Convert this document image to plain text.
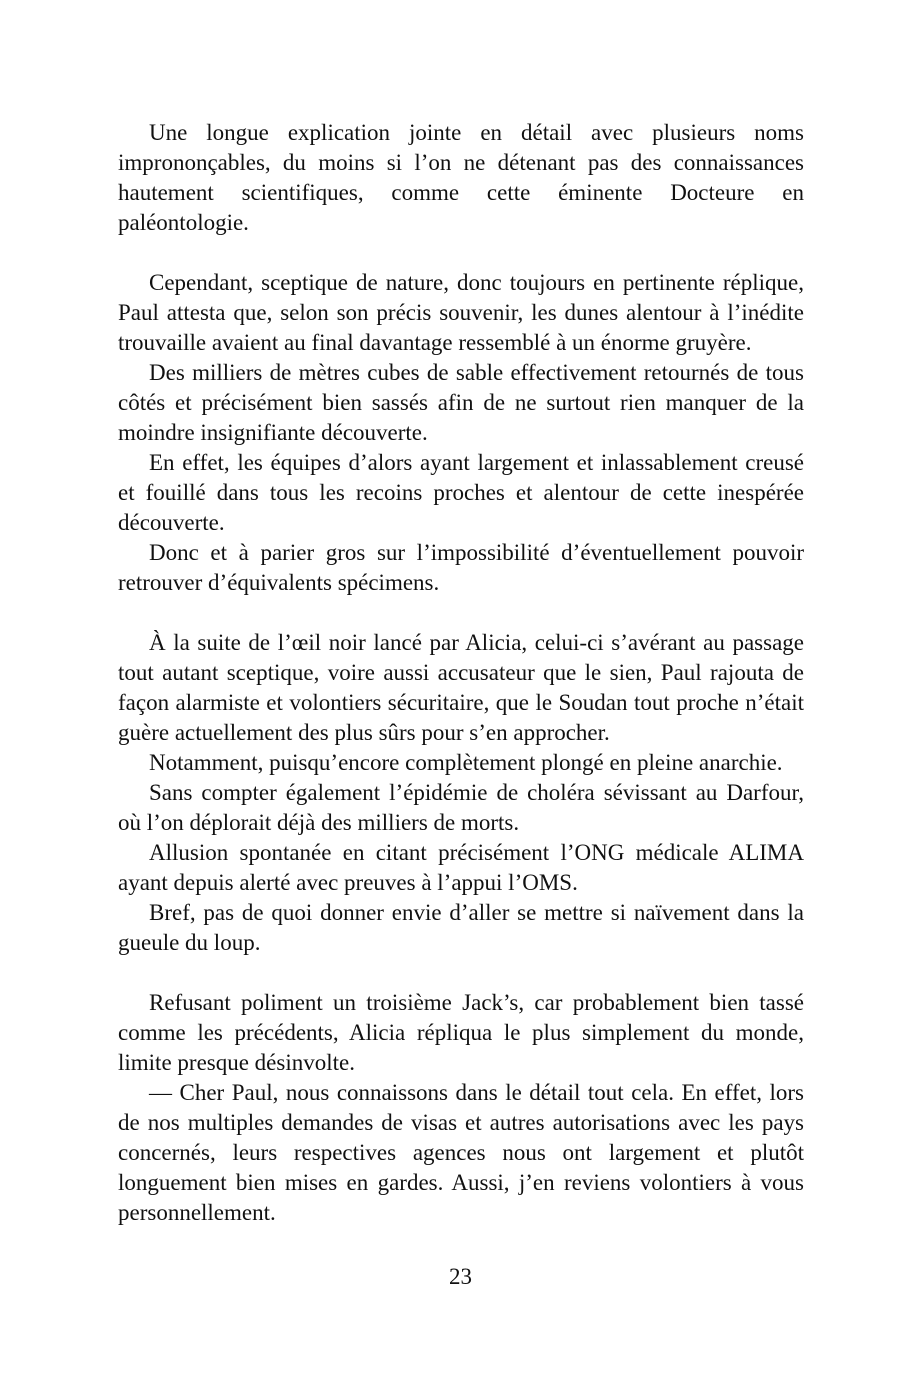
Une longue explication jointe en détail avec plusieurs noms imprononçables, du moins si l’on ne détenant pas des connaissances hautement scientifiques, comme cette éminente Docteure en paléontologie.

Cependant, sceptique de nature, donc toujours en pertinente réplique, Paul attesta que, selon son précis souvenir, les dunes alentour à l’inédite trouvaille avaient au final davantage ressemblé à un énorme gruyère.

Des milliers de mètres cubes de sable effectivement retournés de tous côtés et précisément bien sassés afin de ne surtout rien manquer de la moindre insignifiante découverte.

En effet, les équipes d’alors ayant largement et inlassablement creusé et fouillé dans tous les recoins proches et alentour de cette inespérée découverte.

Donc et à parier gros sur l’impossibilité d’éventuellement pouvoir retrouver d’équivalents spécimens.

À la suite de l’œil noir lancé par Alicia, celui-ci s’avérant au passage tout autant sceptique, voire aussi accusateur que le sien, Paul rajouta de façon alarmiste et volontiers sécuritaire, que le Soudan tout proche n’était guère actuellement des plus sûrs pour s’en approcher.

Notamment, puisqu’encore complètement plongé en pleine anarchie.

Sans compter également l’épidémie de choléra sévissant au Darfour, où l’on déplorait déjà des milliers de morts.

Allusion spontanée en citant précisément l’ONG médicale ALIMA ayant depuis alerté avec preuves à l’appui l’OMS.

Bref, pas de quoi donner envie d’aller se mettre si naïvement dans la gueule du loup.

Refusant poliment un troisième Jack’s, car probablement bien tassé comme les précédents, Alicia répliqua le plus simplement du monde, limite presque désinvolte.

— Cher Paul, nous connaissons dans le détail tout cela. En effet, lors de nos multiples demandes de visas et autres autorisations avec les pays concernés, leurs respectives agences nous ont largement et plutôt longuement bien mises en gardes. Aussi, j’en reviens volontiers à vous personnellement.

23
